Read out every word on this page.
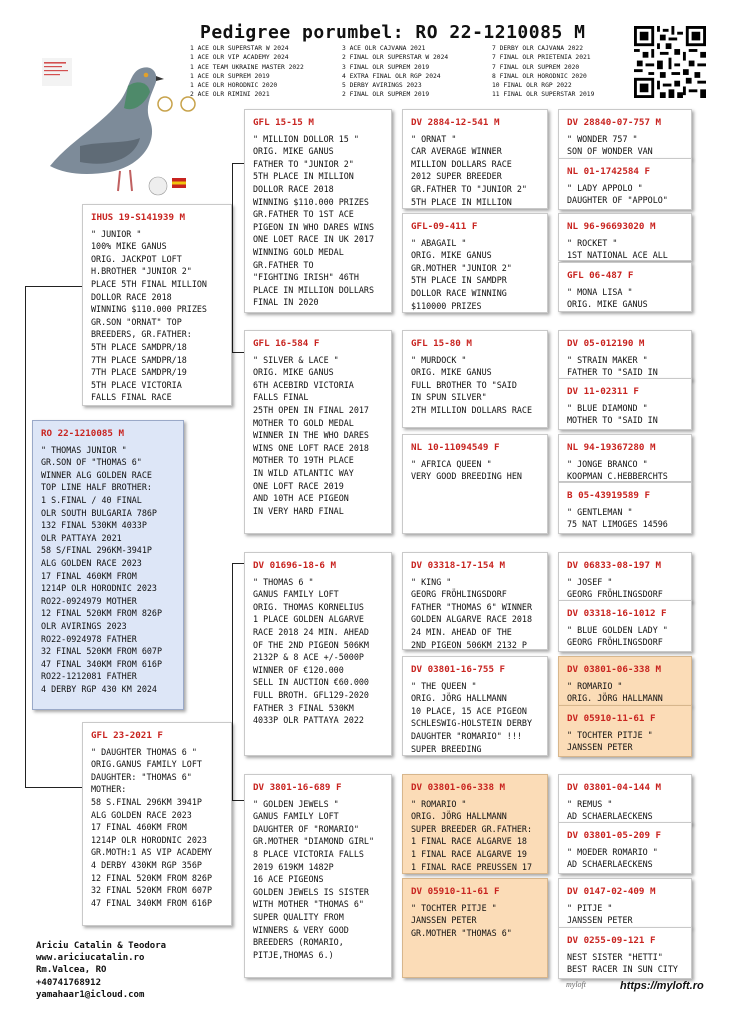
Pedigree porumbel: RO 22-1210085 M
1 ACE OLR SUPERSTAR W 2024
1 ACE OLR VIP ACADEMY 2024
1 ACE TEAM UKRAINE MASTER 2022
1 ACE OLR SUPREM 2019
1 ACE OLR HORODNIC 2020
2 ACE OLR RIMINI 2021
3 ACE OLR CAJVANA 2021
2 FINAL OLR SUPERSTAR W 2024
3 FINAL OLR SUPREM 2019
4 EXTRA FINAL OLR RGP 2024
5 DERBY AVIRINGS 2023
2 FINAL OLR SUPREM 2019
7 DERBY OLR CAJVANA 2022
7 FINAL OLR PRIETENIA 2021
7 FINAL OLR SUPREM 2020
8 FINAL OLR HORODNIC 2020
10 FINAL OLR RGP 2022
11 FINAL OLR SUPERSTAR 2019
DV 28840-07-757 M
" WONDER 757 "
SON OF WONDER VAN
NL 01-1742584 F
" LADY APPOLO "
DAUGHTER OF "APPOLO"
NL 96-96693020 M
" ROCKET "
1ST NATIONAL ACE ALL
GFL 06-487 F
" MONA LISA "
ORIG. MIKE GANUS
DV 05-012190 M
" STRAIN MAKER "
FATHER TO "SAID IN
DV 11-02311 F
" BLUE DIAMOND "
MOTHER TO "SAID IN
NL 94-19367280 M
" JONGE BRANCO "
KOOPMAN C.HEBBERCHTS
B 05-43919589 F
" GENTLEMAN "
75 NAT LIMOGES 14596
DV 06833-08-197 M
" JOSEF "
GEORG FRÖHLINGSDORF
DV 03318-16-1012 F
" BLUE GOLDEN LADY "
GEORG FRÖHLINGSDORF
DV 03801-06-338 M
" ROMARIO "
ORIG. JÖRG HALLMANN
DV 05910-11-61 F
" TOCHTER PITJE "
JANSSEN PETER
DV 03801-04-144 M
" REMUS "
AD SCHAERLAECKENS
DV 03801-05-209 F
" MOEDER ROMARIO "
AD SCHAERLAECKENS
DV 0147-02-409 M
" PITJE "
JANSSEN PETER
DV 0255-09-121 F
NEST SISTER "HETTI"
BEST RACER IN SUN CITY
DV 2884-12-541 M
" ORNAT "
CAR AVERAGE WINNER
MILLION DOLLARS RACE
2012 SUPER BREEDER
GR.FATHER TO "JUNIOR 2"
5TH PLACE IN MILLION
GFL-09-411 F
" ABAGAIL "
ORIG. MIKE GANUS
GR.MOTHER "JUNIOR 2"
5TH PLACE IN SAMDPR
DOLLOR RACE WINNING
$110000 PRIZES
GFL 15-80 M
" MURDOCK "
ORIG. MIKE GANUS
FULL BROTHER TO "SAID
IN SPUN SILVER"
2TH MILLION DOLLARS RACE
NL 10-11094549 F
" AFRICA QUEEN "
VERY GOOD BREEDING HEN
DV 03318-17-154 M
" KING "
GEORG FRÖHLINGSDORF
FATHER "THOMAS 6" WINNER
GOLDEN ALGARVE RACE 2018
24 MIN. AHEAD OF THE
2ND PIGEON 506KM 2132 P
DV 03801-16-755 F
" THE QUEEN "
ORIG. JÖRG HALLMANN
10 PLACE, 15 ACE PIGEON
SCHLESWIG-HOLSTEIN DERBY
DAUGHTER "ROMARIO" !!!
SUPER BREEDING
DV 03801-06-338 M
" ROMARIO "
ORIG. JÖRG HALLMANN
SUPER BREEDER GR.FATHER:
1 FINAL RACE ALGARVE 18
1 FINAL RACE ALGARVE 19
1 FINAL RACE PREUSSEN 17
DV 05910-11-61 F
" TOCHTER PITJE "
JANSSEN PETER
GR.MOTHER "THOMAS 6"
GFL 15-15 M
" MILLION DOLLOR 15 "
ORIG. MIKE GANUS
FATHER TO "JUNIOR 2"
5TH PLACE IN MILLION
DOLLOR RACE 2018
WINNING $110.000 PRIZES
GR.FATHER TO 1ST ACE
PIGEON IN WHO DARES WINS
ONE LOET RACE IN UK 2017
WINNING GOLD MEDAL
GR.FATHER TO
"FIGHTING IRISH" 46TH
PLACE IN MILLION DOLLARS
FINAL IN 2020
GFL 16-584 F
" SILVER & LACE "
ORIG. MIKE GANUS
6TH ACEBIRD VICTORIA
FALLS FINAL
25TH OPEN IN FINAL 2017
MOTHER TO GOLD MEDAL
WINNER IN THE WHO DARES
WINS ONE LOFT RACE 2018
MOTHER TO 19TH PLACE
IN WILD ATLANTIC WAY
ONE LOFT RACE 2019
AND 10TH ACE PIGEON
IN VERY HARD FINAL
DV 01696-18-6 M
" THOMAS 6 "
GANUS FAMILY LOFT
ORIG. THOMAS KORNELIUS
1 PLACE GOLDEN ALGARVE
RACE 2018 24 MIN. AHEAD
OF THE 2ND PIGEON 506KM
2132P & 8 ACE +/-5000P
WINNER OF €120.000
SELL IN AUCTION €60.000
FULL BROTH. GFL129-2020
FATHER 3 FINAL 530KM
4033P OLR PATTAYA 2022
DV 3801-16-689 F
" GOLDEN JEWELS "
GANUS FAMILY LOFT
DAUGHTER OF "ROMARIO"
GR.MOTHER "DIAMOND GIRL"
8 PLACE VICTORIA FALLS
2019 619KM 1482P
16 ACE PIGEONS
GOLDEN JEWELS IS SISTER
WITH MOTHER "THOMAS 6"
SUPER QUALITY FROM
WINNERS & VERY GOOD
BREEDERS (ROMARIO,
PITJE,THOMAS 6.)
IHUS 19-S141939 M
" JUNIOR "
100% MIKE GANUS
ORIG. JACKPOT LOFT
H.BROTHER "JUNIOR 2"
PLACE 5TH FINAL MILLION
DOLLOR RACE 2018
WINNING $110.000 PRIZES
GR.SON "ORNAT" TOP
BREEDERS, GR.FATHER:
5TH PLACE SAMDPR/18
7TH PLACE SAMDPR/18
7TH PLACE SAMDPR/19
5TH PLACE VICTORIA
FALLS FINAL RACE
GFL 23-2021 F
" DAUGHTER THOMAS 6 "
ORIG.GANUS FAMILY LOFT
DAUGHTER: "THOMAS 6"
MOTHER:
58 S.FINAL 296KM 3941P
ALG GOLDEN RACE 2023
17 FINAL 460KM FROM
1214P OLR HORODNIC 2023
GR.MOTH:1 AS VIP ACADEMY
4 DERBY 430KM RGP 356P
12 FINAL 520KM FROM 826P
32 FINAL 520KM FROM 607P
47 FINAL 340KM FROM 616P
RO 22-1210085 M
" THOMAS JUNIOR "
GR.SON OF "THOMAS 6"
WINNER ALG GOLDEN RACE
TOP LINE HALF BROTHER:
1 S.FINAL / 40 FINAL
OLR SOUTH BULGARIA 786P
132 FINAL 530KM 4033P
OLR PATTAYA 2021
58 S/FINAL 296KM-3941P
ALG GOLDEN RACE 2023
17 FINAL 460KM FROM
1214P OLR HORODNIC 2023
RO22-0924979 MOTHER
12 FINAL 520KM FROM 826P
OLR AVIRINGS 2023
RO22-0924978 FATHER
32 FINAL 520KM FROM 607P
47 FINAL 340KM FROM 616P
RO22-1212081 FATHER
4 DERBY RGP 430 KM 2024
Ariciu Catalin & Teodora
www.ariciucatalin.ro
Rm.Valcea, RO
+40741768912
yamahaar1@icloud.com
myloft	https://myloft.ro
